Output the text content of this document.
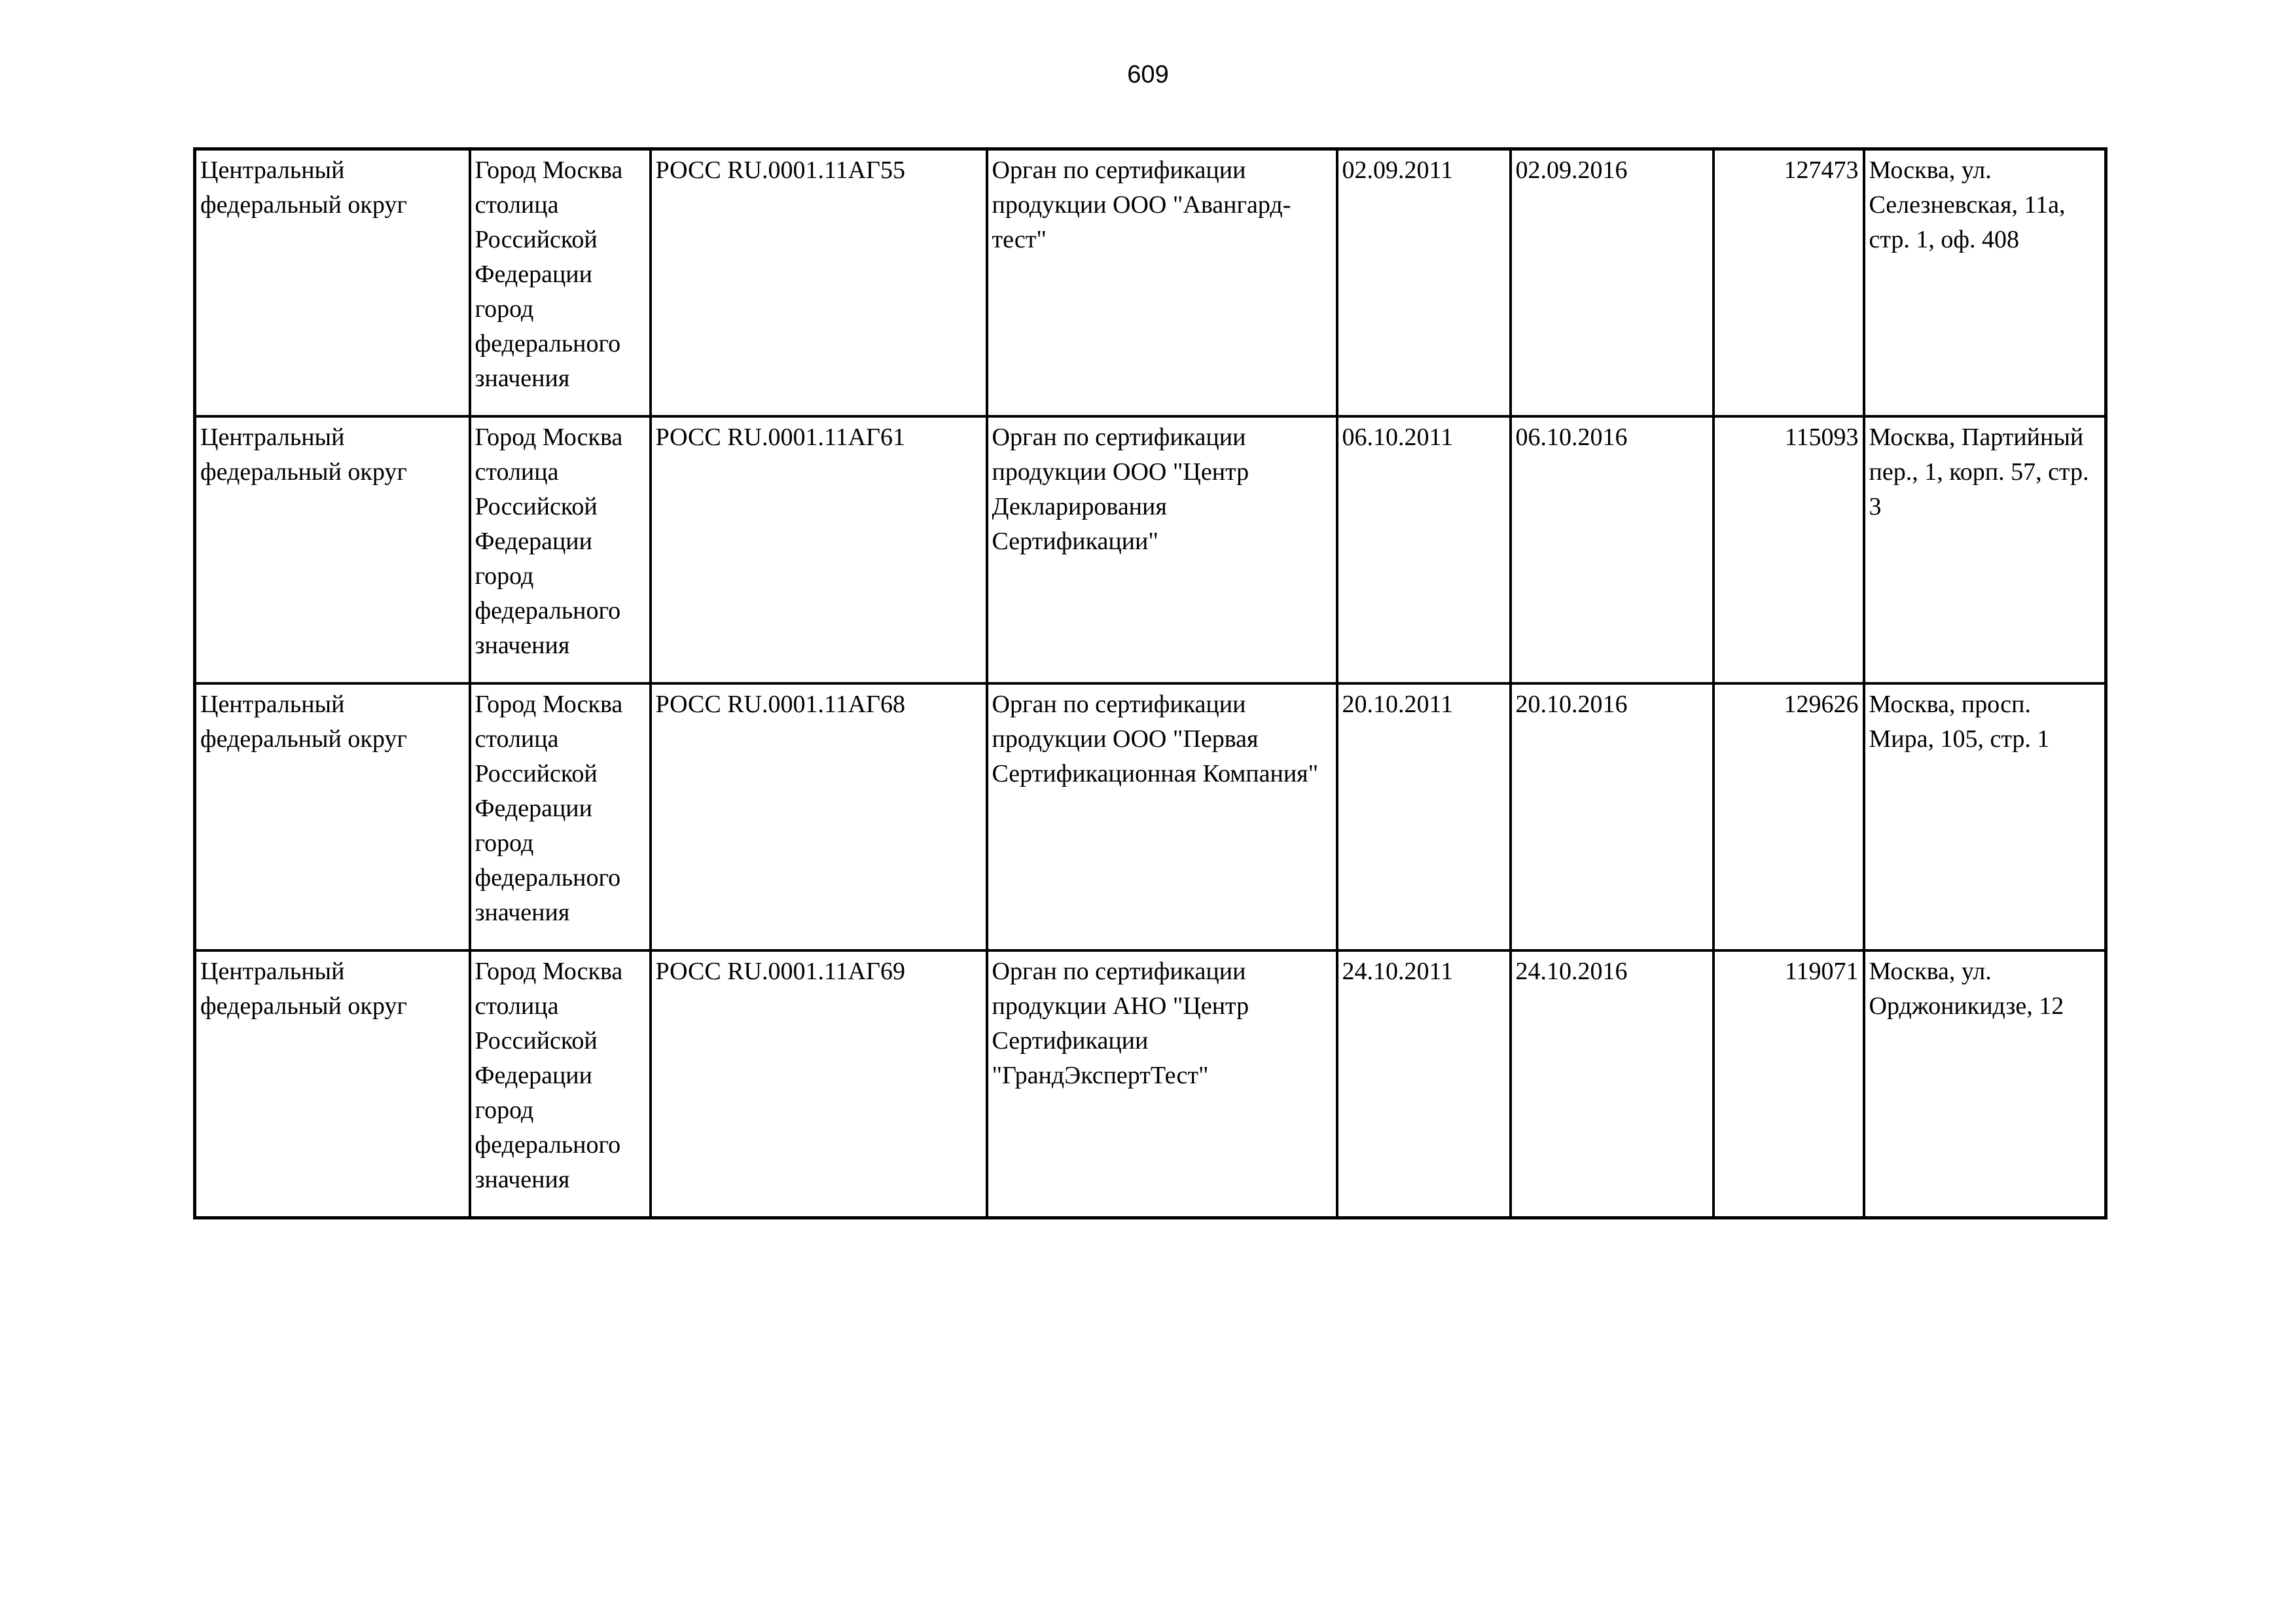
609
Центральный федеральный округ	Город Москва столица Российской Федерации город федерального значения	РОСС RU.0001.11АГ55	Орган по сертификации продукции ООО "Авангард-тест"	02.09.2011	02.09.2016	127473	Москва, ул. Селезневская, 11а, стр. 1, оф. 408

Центральный федеральный округ	Город Москва столица Российской Федерации город федерального значения	РОСС RU.0001.11АГ61	Орган по сертификации продукции ООО "Центр Декларирования Сертификации"	06.10.2011	06.10.2016	115093	Москва, Партийный пер., 1, корп. 57, стр. 3

Центральный федеральный округ	Город Москва столица Российской Федерации город федерального значения	РОСС RU.0001.11АГ68	Орган по сертификации продукции ООО "Первая Сертификационная Компания"	20.10.2011	20.10.2016	129626	Москва, просп. Мира, 105, стр. 1

Центральный федеральный округ	Город Москва столица Российской Федерации город федерального значения	РОСС RU.0001.11АГ69	Орган по сертификации продукции АНО "Центр Сертификации "ГрандЭкспертТест"	24.10.2011	24.10.2016	119071	Москва, ул. Орджоникидзе, 12
